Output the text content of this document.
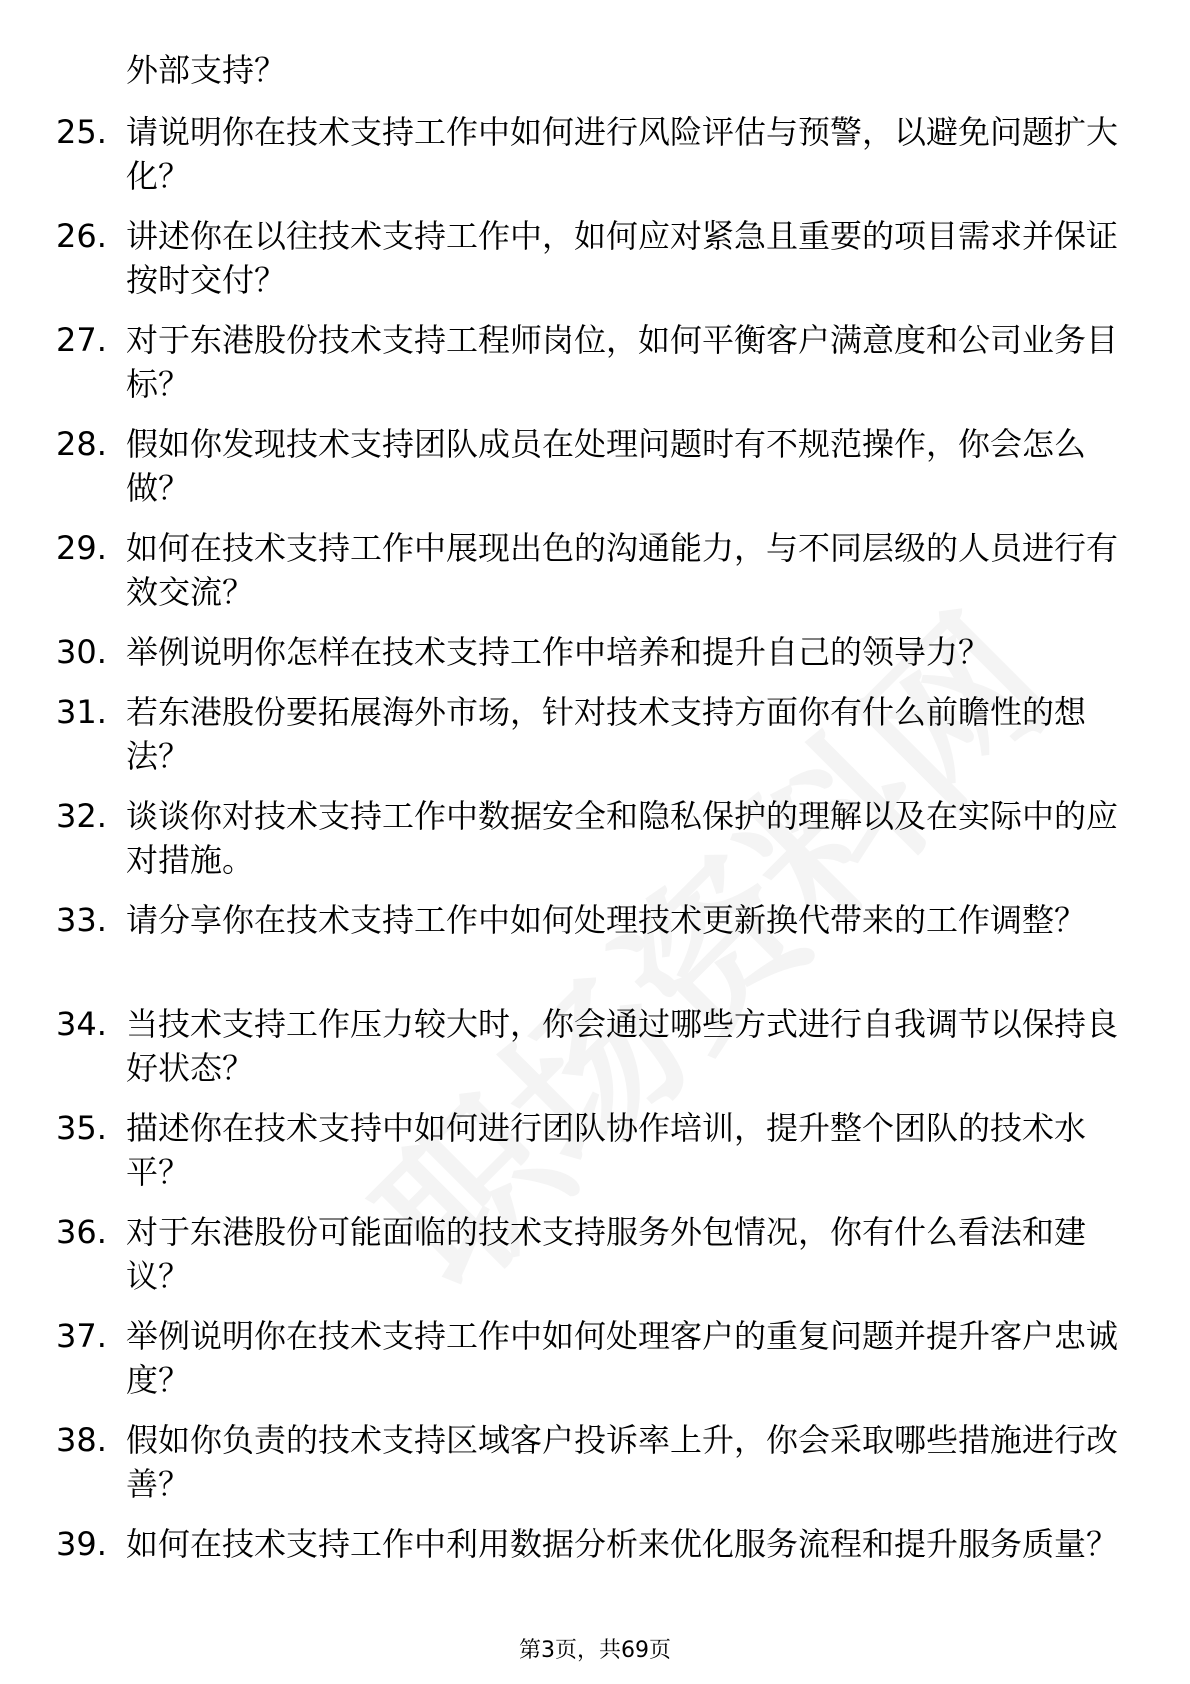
外部支持？
25. 请说明你在技术支持工作中如何进行风险评估与预警，以避免问题扩大化？
26. 讲述你在以往技术支持工作中，如何应对紧急且重要的项目需求并保证按时交付？
27. 对于东港股份技术支持工程师岗位，如何平衡客户满意度和公司业务目标？
28. 假如你发现技术支持团队成员在处理问题时有不规范操作，你会怎么做？
29. 如何在技术支持工作中展现出色的沟通能力，与不同层级的人员进行有效交流？
30. 举例说明你怎样在技术支持工作中培养和提升自己的领导力？
31. 若东港股份要拓展海外市场，针对技术支持方面你有什么前瞻性的想法？
32. 谈谈你对技术支持工作中数据安全和隐私保护的理解以及在实际中的应对措施。
33. 请分享你在技术支持工作中如何处理技术更新换代带来的工作调整？
34. 当技术支持工作压力较大时，你会通过哪些方式进行自我调节以保持良好状态？
35. 描述你在技术支持中如何进行团队协作培训，提升整个团队的技术水平？
36. 对于东港股份可能面临的技术支持服务外包情况，你有什么看法和建议？
37. 举例说明你在技术支持工作中如何处理客户的重复问题并提升客户忠诚度？
38. 假如你负责的技术支持区域客户投诉率上升，你会采取哪些措施进行改善？
39. 如何在技术支持工作中利用数据分析来优化服务流程和提升服务质量？
第3页，共69页
